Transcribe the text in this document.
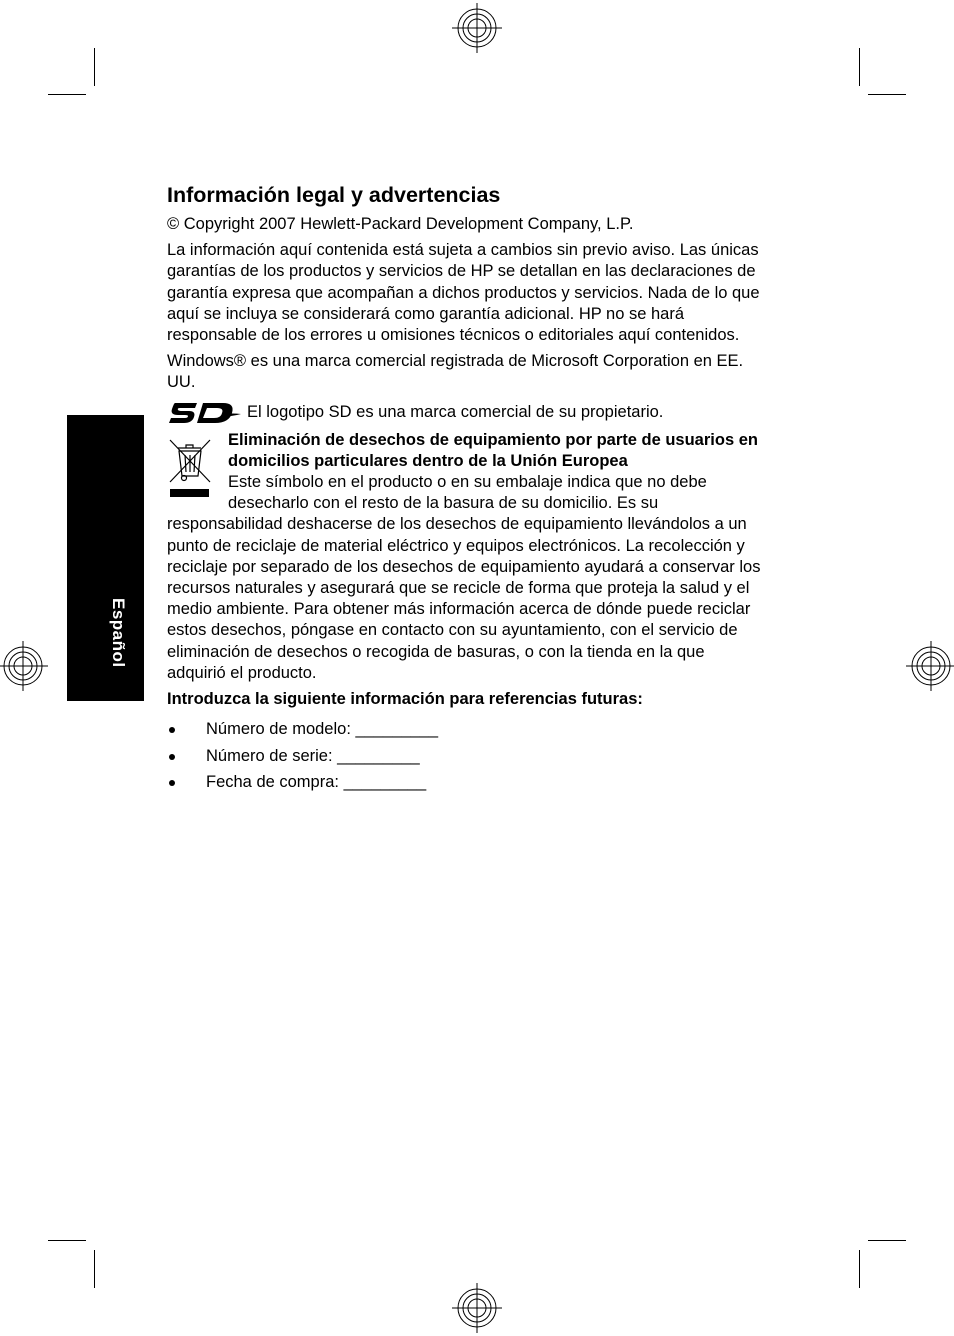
Español
Información legal y advertencias

© Copyright 2007 Hewlett-Packard Development Company, L.P.

La información aquí contenida está sujeta a cambios sin previo aviso. Las únicas garantías de los productos y servicios de HP se detallan en las declaraciones de garantía expresa que acompañan a dichos productos y servicios. Nada de lo que aquí se incluya se considerará como garantía adicional. HP no se hará responsable de los errores u omisiones técnicos o editoriales aquí contenidos.

Windows® es una marca comercial registrada de Microsoft Corporation en EE. UU.

El logotipo SD es una marca comercial de su propietario.
Eliminación de desechos de equipamiento por parte de usuarios en domicilios particulares dentro de la Unión Europea
Este símbolo en el producto o en su embalaje indica que no debe desecharlo con el resto de la basura de su domicilio. Es su responsabilidad deshacerse de los desechos de equipamiento llevándolos a un punto de reciclaje de material eléctrico y equipos electrónicos. La recolección y reciclaje por separado de los desechos de equipamiento ayudará a conservar los recursos naturales y asegurará que se recicle de forma que proteja la salud y el medio ambiente. Para obtener más información acerca de dónde puede reciclar estos desechos, póngase en contacto con su ayuntamiento, con el servicio de eliminación de desechos o recogida de basuras, o con la tienda en la que adquirió el producto.

Introduzca la siguiente información para referencias futuras:

Número de modelo: _________
Número de serie: _________
Fecha de compra: _________
